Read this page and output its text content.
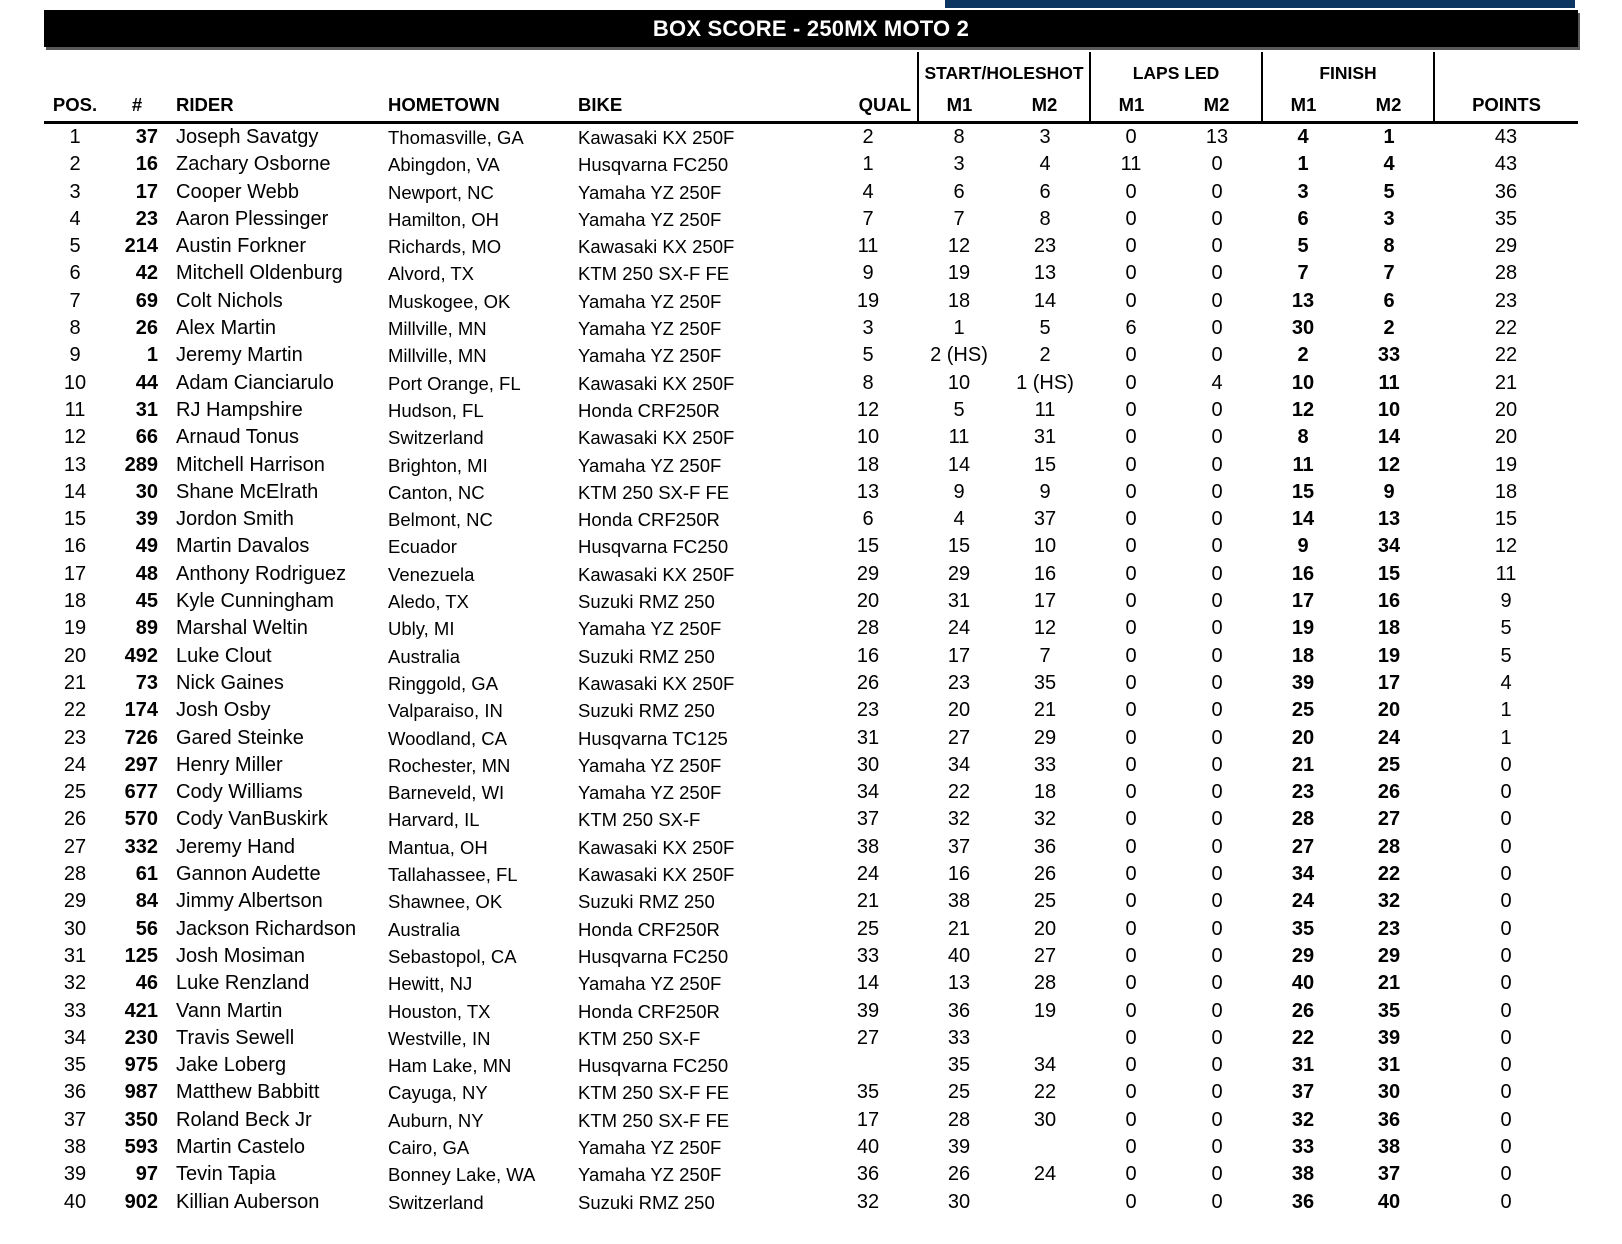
BOX SCORE - 250MX MOTO 2
						START/HOLESHOT		LAPS LED		FINISH		
POS.	#	RIDER	HOMETOWN	BIKE	QUAL	M1	M2	M1	M2	M1	M2	POINTS
1	37	Joseph Savatgy	Thomasville, GA	Kawasaki KX 250F	2	8	3	0	13	4	1	43
2	16	Zachary Osborne	Abingdon, VA	Husqvarna FC250	1	3	4	11	0	1	4	43
3	17	Cooper Webb	Newport, NC	Yamaha YZ 250F	4	6	6	0	0	3	5	36
4	23	Aaron Plessinger	Hamilton, OH	Yamaha YZ 250F	7	7	8	0	0	6	3	35
5	214	Austin Forkner	Richards, MO	Kawasaki KX 250F	11	12	23	0	0	5	8	29
6	42	Mitchell Oldenburg	Alvord, TX	KTM 250 SX-F FE	9	19	13	0	0	7	7	28
7	69	Colt Nichols	Muskogee, OK	Yamaha YZ 250F	19	18	14	0	0	13	6	23
8	26	Alex Martin	Millville, MN	Yamaha YZ 250F	3	1	5	6	0	30	2	22
9	1	Jeremy Martin	Millville, MN	Yamaha YZ 250F	5	2 (HS)	2	0	0	2	33	22
10	44	Adam Cianciarulo	Port Orange, FL	Kawasaki KX 250F	8	10	1 (HS)	0	4	10	11	21
11	31	RJ Hampshire	Hudson, FL	Honda CRF250R	12	5	11	0	0	12	10	20
12	66	Arnaud Tonus	Switzerland	Kawasaki KX 250F	10	11	31	0	0	8	14	20
13	289	Mitchell Harrison	Brighton, MI	Yamaha YZ 250F	18	14	15	0	0	11	12	19
14	30	Shane McElrath	Canton, NC	KTM 250 SX-F FE	13	9	9	0	0	15	9	18
15	39	Jordon Smith	Belmont, NC	Honda CRF250R	6	4	37	0	0	14	13	15
16	49	Martin Davalos	Ecuador	Husqvarna FC250	15	15	10	0	0	9	34	12
17	48	Anthony Rodriguez	Venezuela	Kawasaki KX 250F	29	29	16	0	0	16	15	11
18	45	Kyle Cunningham	Aledo, TX	Suzuki RMZ 250	20	31	17	0	0	17	16	9
19	89	Marshal Weltin	Ubly, MI	Yamaha YZ 250F	28	24	12	0	0	19	18	5
20	492	Luke Clout	Australia	Suzuki RMZ 250	16	17	7	0	0	18	19	5
21	73	Nick Gaines	Ringgold, GA	Kawasaki KX 250F	26	23	35	0	0	39	17	4
22	174	Josh Osby	Valparaiso, IN	Suzuki RMZ 250	23	20	21	0	0	25	20	1
23	726	Gared Steinke	Woodland, CA	Husqvarna TC125	31	27	29	0	0	20	24	1
24	297	Henry Miller	Rochester, MN	Yamaha YZ 250F	30	34	33	0	0	21	25	0
25	677	Cody Williams	Barneveld, WI	Yamaha YZ 250F	34	22	18	0	0	23	26	0
26	570	Cody VanBuskirk	Harvard, IL	KTM 250 SX-F	37	32	32	0	0	28	27	0
27	332	Jeremy Hand	Mantua, OH	Kawasaki KX 250F	38	37	36	0	0	27	28	0
28	61	Gannon Audette	Tallahassee, FL	Kawasaki KX 250F	24	16	26	0	0	34	22	0
29	84	Jimmy Albertson	Shawnee, OK	Suzuki RMZ 250	21	38	25	0	0	24	32	0
30	56	Jackson Richardson	Australia	Honda CRF250R	25	21	20	0	0	35	23	0
31	125	Josh Mosiman	Sebastopol, CA	Husqvarna FC250	33	40	27	0	0	29	29	0
32	46	Luke Renzland	Hewitt, NJ	Yamaha YZ 250F	14	13	28	0	0	40	21	0
33	421	Vann Martin	Houston, TX	Honda CRF250R	39	36	19	0	0	26	35	0
34	230	Travis Sewell	Westville, IN	KTM 250 SX-F	27	33		0	0	22	39	0
35	975	Jake Loberg	Ham Lake, MN	Husqvarna FC250		35	34	0	0	31	31	0
36	987	Matthew Babbitt	Cayuga, NY	KTM 250 SX-F FE	35	25	22	0	0	37	30	0
37	350	Roland Beck Jr	Auburn, NY	KTM 250 SX-F FE	17	28	30	0	0	32	36	0
38	593	Martin Castelo	Cairo, GA	Yamaha YZ 250F	40	39		0	0	33	38	0
39	97	Tevin Tapia	Bonney Lake, WA	Yamaha YZ 250F	36	26	24	0	0	38	37	0
40	902	Killian Auberson	Switzerland	Suzuki RMZ 250	32	30		0	0	36	40	0
